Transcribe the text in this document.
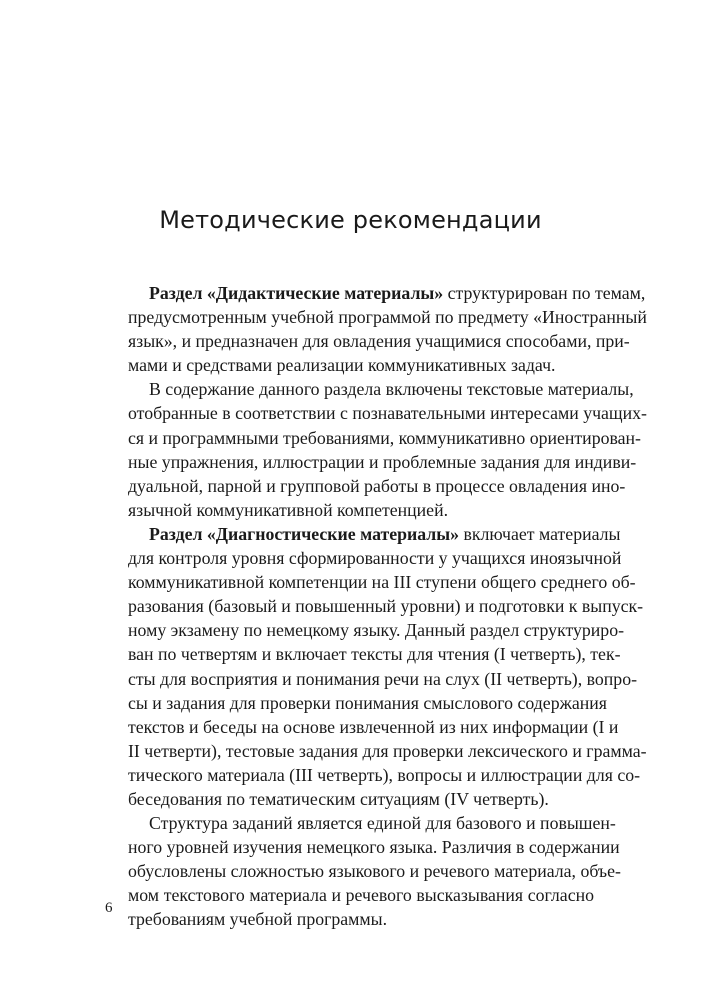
Методические рекомендации
Раздел «Дидактические материалы» структурирован по темам,
предусмотренным учебной программой по предмету «Иностранный
язык», и предназначен для овладения учащимися способами, при-
мами и средствами реализации коммуникативных задач.
В содержание данного раздела включены текстовые материалы,
отобранные в соответствии с познавательными интересами учащих-
ся и программными требованиями, коммуникативно ориентирован-
ные упражнения, иллюстрации и проблемные задания для индиви-
дуальной, парной и групповой работы в процессе овладения ино-
язычной коммуникативной компетенцией.
Раздел «Диагностические материалы» включает материалы
для контроля уровня сформированности у учащихся иноязычной
коммуникативной компетенции на III ступени общего среднего об-
разования (базовый и повышенный уровни) и подготовки к выпуск-
ному экзамену по немецкому языку. Данный раздел структуриро-
ван по четвертям и включает тексты для чтения (I четверть), тек-
сты для восприятия и понимания речи на слух (II четверть), вопро-
сы и задания для проверки понимания смыслового содержания
текстов и беседы на основе извлеченной из них информации (I и
II четверти), тестовые задания для проверки лексического и грамма-
тического материала (III четверть), вопросы и иллюстрации для со-
беседования по тематическим ситуациям (IV четверть).
Структура заданий является единой для базового и повышен-
ного уровней изучения немецкого языка. Различия в содержании
обусловлены сложностью языкового и речевого материала, объе-
мом текстового материала и речевого высказывания согласно
требованиям учебной программы.
6
